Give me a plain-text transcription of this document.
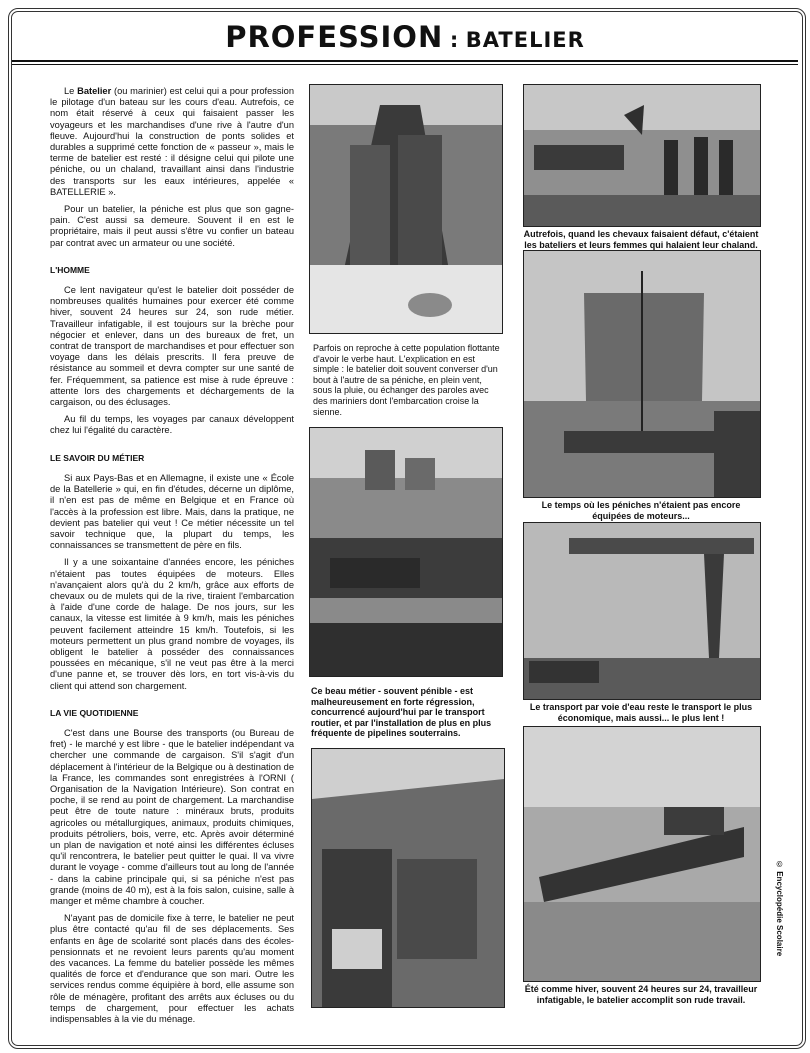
PROFESSION : BATELIER

Le Batelier (ou marinier) est celui qui a pour profession le pilotage d'un bateau sur les cours d'eau. Autrefois, ce nom était réservé à ceux qui faisaient passer les voyageurs et les marchandises d'une rive à l'autre d'un fleuve. Aujourd'hui la construction de ponts solides et durables a supprimé cette fonction de « passeur », mais le terme de batelier est resté : il désigne celui qui pilote une péniche, ou un chaland, travaillant ainsi dans l'industrie des transports sur les eaux intérieures, appelée « BATELLERIE ».

Pour un batelier, la péniche est plus que son gagne-pain. C'est aussi sa demeure. Souvent il en est le propriétaire, mais il peut aussi s'être vu confier un bateau par contrat avec un armateur ou une société.

L'HOMME

Ce lent navigateur qu'est le batelier doit posséder de nombreuses qualités humaines pour exercer été comme hiver, souvent 24 heures sur 24, son rude métier. Travailleur infatigable, il est toujours sur la brèche pour négocier et enlever, dans un des bureaux de fret, un contrat de transport de marchandises et pour effectuer son voyage dans les délais prescrits. Il fera preuve de résistance au sommeil et devra compter sur une santé de fer. Fréquemment, sa patience est mise à rude épreuve : attente lors des chargements et déchargements de la cargaison, ou des éclusages.

Au fil du temps, les voyages par canaux développent chez lui l'égalité du caractère.

LE SAVOIR DU MÉTIER

Si aux Pays-Bas et en Allemagne, il existe une « École de la Batellerie » qui, en fin d'études, décerne un diplôme, il n'en est pas de même en Belgique et en France où l'accès à la profession est libre. Mais, dans la pratique, ne devient pas batelier qui veut ! Ce métier nécessite un tel savoir technique que, la plupart du temps, les connaissances se transmettent de père en fils.

Il y a une soixantaine d'années encore, les péniches n'étaient pas toutes équipées de moteurs. Elles n'avançaient alors qu'à du 2 km/h, grâce aux efforts de chevaux ou de mulets qui de la rive, tiraient l'embarcation à l'aide d'une corde de halage. De nos jours, sur les canaux, la vitesse est limitée à 9 km/h, mais les péniches peuvent facilement atteindre 15 km/h. Toutefois, si les moteurs permettent un plus grand nombre de voyages, ils obligent le batelier à posséder des connaissances poussées en mécanique, s'il ne veut pas être à la merci d'une panne et, se trouver dès lors, en tort vis-à-vis du client qui attend son chargement.

LA VIE QUOTIDIENNE

C'est dans une Bourse des transports (ou Bureau de fret) - le marché y est libre - que le batelier indépendant va chercher une commande de cargaison. S'il s'agit d'un déplacement à l'intérieur de la Belgique ou à destination de la France, les commandes sont enregistrées à l'ORNI ( Organisation de la Navigation Intérieure). Son contrat en poche, il se rend au point de chargement. La marchandise peut être de toute nature : minérauх bruts, produits agricoles ou métallurgiques, animaux, produits chimiques, produits pétroliers, bois, verre, etc. Après avoir déterminé un plan de navigation et noté ainsi les différentes écluses qu'il rencontrera, le batelier peut quitter le quai. Il va vivre durant le voyage - comme d'ailleurs tout au long de l'année - dans la cabine principale qui, si sa péniche n'est pas grande (moins de 40 m), est à la fois salon, cuisine, salle à manger et même chambre à coucher.

N'ayant pas de domicile fixe à terre, le batelier ne peut plus être contacté qu'au fil de ses déplacements. Ses enfants en âge de scolarité sont placés dans des écoles-pensionnats et ne revoient leurs parents qu'au moment des vacances. La femme du batelier possède les mêmes qualités de force et d'endurance que son mari. Outre les services rendus comme équipière à bord, elle assume son rôle de ménagère, profitant des arrêts aux écluses ou du temps de chargement, pour effectuer les achats indispensables à la vie du ménage.

Parfois on reproche à cette population flottante d'avoir le verbe haut. L'explication en est simple : le batelier doit souvent converser d'un bout à l'autre de sa péniche, en plein vent, sous la pluie, ou échanger des paroles avec des mariniers dont l'embarcation croise la sienne.
Ce beau métier - souvent pénible - est malheureusement en forte régression, concurrencé aujourd'hui par le transport routier, et par l'installation de plus en plus fréquente de pipelines souterrains.
Autrefois, quand les chevaux faisaient défaut, c'étaient les bateliers et leurs femmes qui halaient leur chaland.
Le temps où les péniches n'étaient pas encore équipées de moteurs...
Le transport par voie d'eau reste le transport le plus économique, mais aussi... le plus lent !
Été comme hiver, souvent 24 heures sur 24, travailleur infatigable, le batelier accomplit son rude travail.
© Encyclopédie Scolaire
